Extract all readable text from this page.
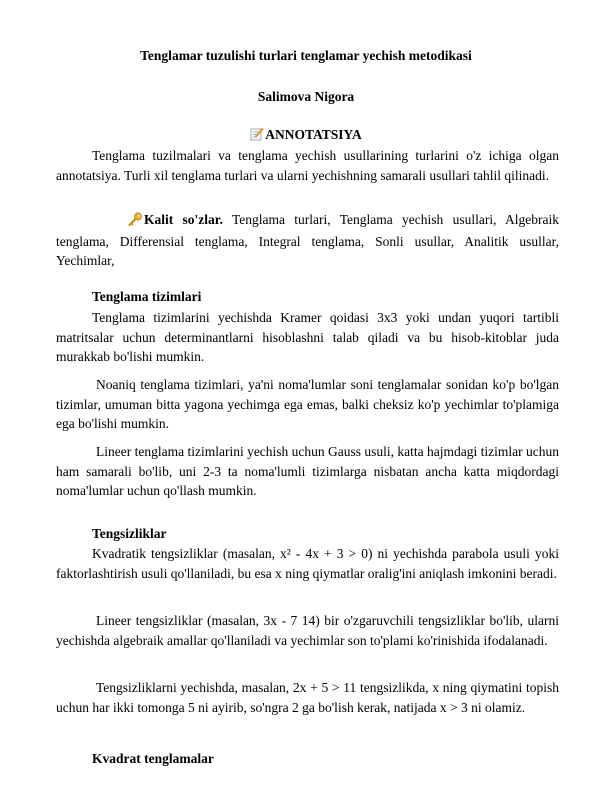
Tenglamar tuzulishi turlari tenglamar yechish metodikasi
Salimova Nigora
ANNOTATSIYA
Tenglama tuzilmalari va tenglama yechish usullarining turlarini o'z ichiga olgan annotatsiya. Turli xil tenglama turlari va ularni yechishning samarali usullari tahlil qilinadi.
Kalit so'zlar. Tenglama turlari, Tenglama yechish usullari, Algebraik tenglama, Differensial tenglama, Integral tenglama, Sonli usullar, Analitik usullar, Yechimlar,
Tenglama tizimlari
Tenglama tizimlarini yechishda Kramer qoidasi 3x3 yoki undan yuqori tartibli matritsalar uchun determinantlarni hisoblashni talab qiladi va bu hisob-kitoblar juda murakkab bo'lishi mumkin.
Noaniq tenglama tizimlari, ya'ni noma'lumlar soni tenglamalar sonidan ko'p bo'lgan tizimlar, umuman bitta yagona yechimga ega emas, balki cheksiz ko'p yechimlar to'plamiga ega bo'lishi mumkin.
Lineer tenglama tizimlarini yechish uchun Gauss usuli, katta hajmdagi tizimlar uchun ham samarali bo'lib, uni 2-3 ta noma'lumli tizimlarga nisbatan ancha katta miqdordagi noma'lumlar uchun qo'llash mumkin.
Tengsizliklar
Kvadratik tengsizliklar (masalan, x² - 4x + 3 > 0) ni yechishda parabola usuli yoki faktorlashtirish usuli qo'llaniladi, bu esa x ning qiymatlar oralig'ini aniqlash imkonini beradi.
Lineer tengsizliklar (masalan, 3x - 7 14) bir o'zgaruvchili tengsizliklar bo'lib, ularni yechishda algebraik amallar qo'llaniladi va yechimlar son to'plami ko'rinishida ifodalanadi.
Tengsizliklarni yechishda, masalan, 2x + 5 > 11 tengsizlikda, x ning qiymatini topish uchun har ikki tomonga 5 ni ayirib, so'ngra 2 ga bo'lish kerak, natijada x > 3 ni olamiz.
Kvadrat tenglamalar
